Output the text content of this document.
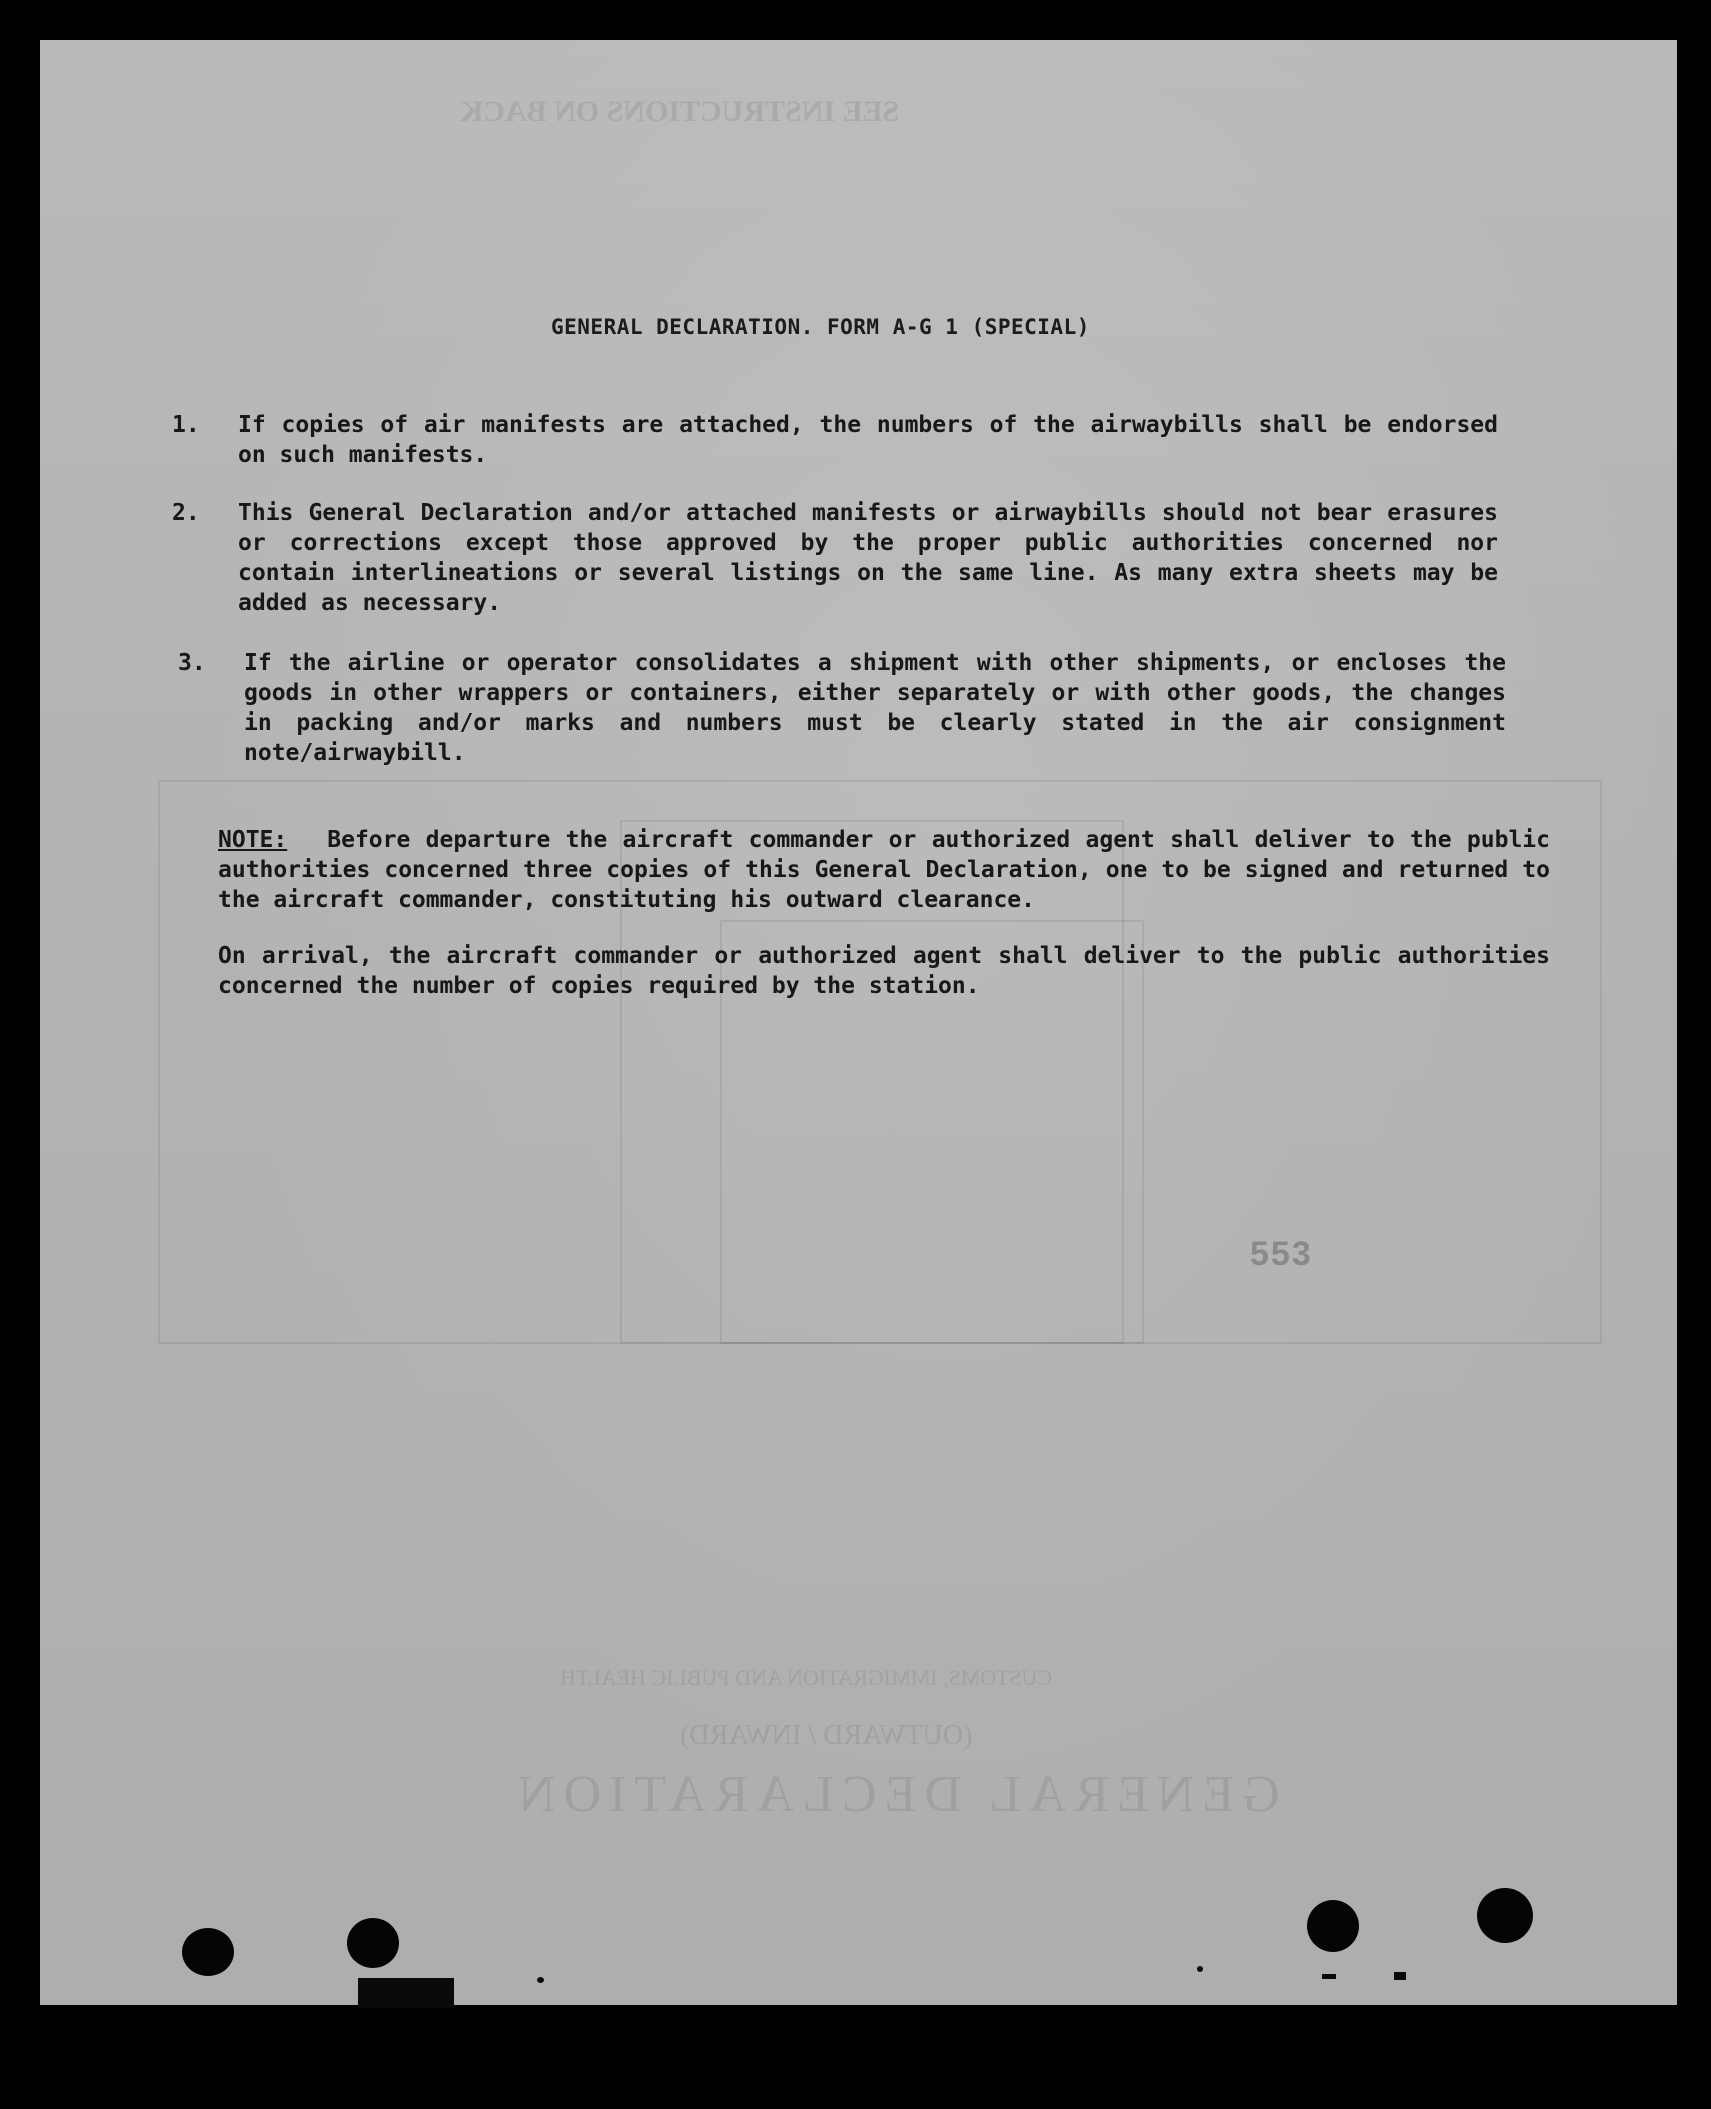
SEE INSTRUCTIONS ON BACK
GENERAL DECLARATION
(OUTWARD / INWARD)
CUSTOMS, IMMIGRATION AND PUBLIC HEALTH
GENERAL DECLARATION. FORM A-G 1 (SPECIAL)
1. If copies of air manifests are attached, the numbers of the airwaybills shall be endorsed on such manifests.
2. This General Declaration and/or attached manifests or airwaybills should not bear erasures or corrections except those approved by the proper public authorities concerned nor contain interlineations or several listings on the same line. As many extra sheets may be added as necessary.
3. If the airline or operator consolidates a shipment with other shipments, or encloses the goods in other wrappers or containers, either separately or with other goods, the changes in packing and/or marks and numbers must be clearly stated in the air consignment note/airwaybill.

NOTE: Before departure the aircraft commander or authorized agent shall deliver to the public authorities concerned three copies of this General Declaration, one to be signed and returned to the aircraft commander, constituting his outward clearance.

On arrival, the aircraft commander or authorized agent shall deliver to the public authorities concerned the number of copies required by the station.

553
